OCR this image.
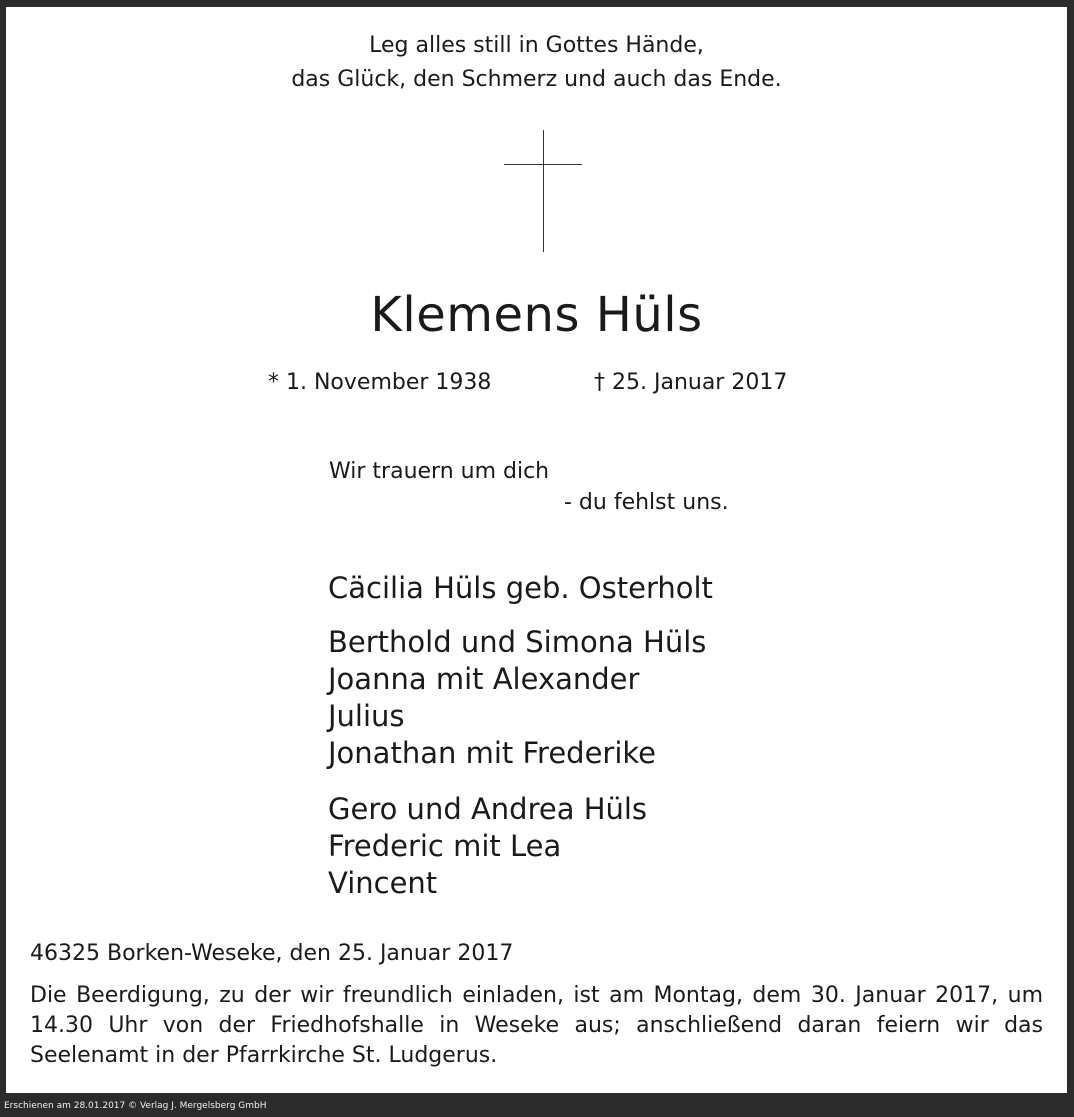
Leg alles still in Gottes Hände,
das Glück, den Schmerz und auch das Ende.
Klemens Hüls
* 1. November 1938	† 25. Januar 2017
Wir trauern um dich
- du fehlst uns.
Cäcilia Hüls geb. Osterholt
Berthold und Simona Hüls
Joanna mit Alexander
Julius
Jonathan mit Frederike
Gero und Andrea Hüls
Frederic mit Lea
Vincent
46325 Borken-Weseke, den 25. Januar 2017
Die Beerdigung, zu der wir freundlich einladen, ist am Montag, dem 30. Januar 2017, um 14.30 Uhr von der Friedhofshalle in Weseke aus; anschließend daran feiern wir das Seelenamt in der Pfarrkirche St. Ludgerus.
Erschienen am 28.01.2017 © Verlag J. Mergelsberg GmbH
